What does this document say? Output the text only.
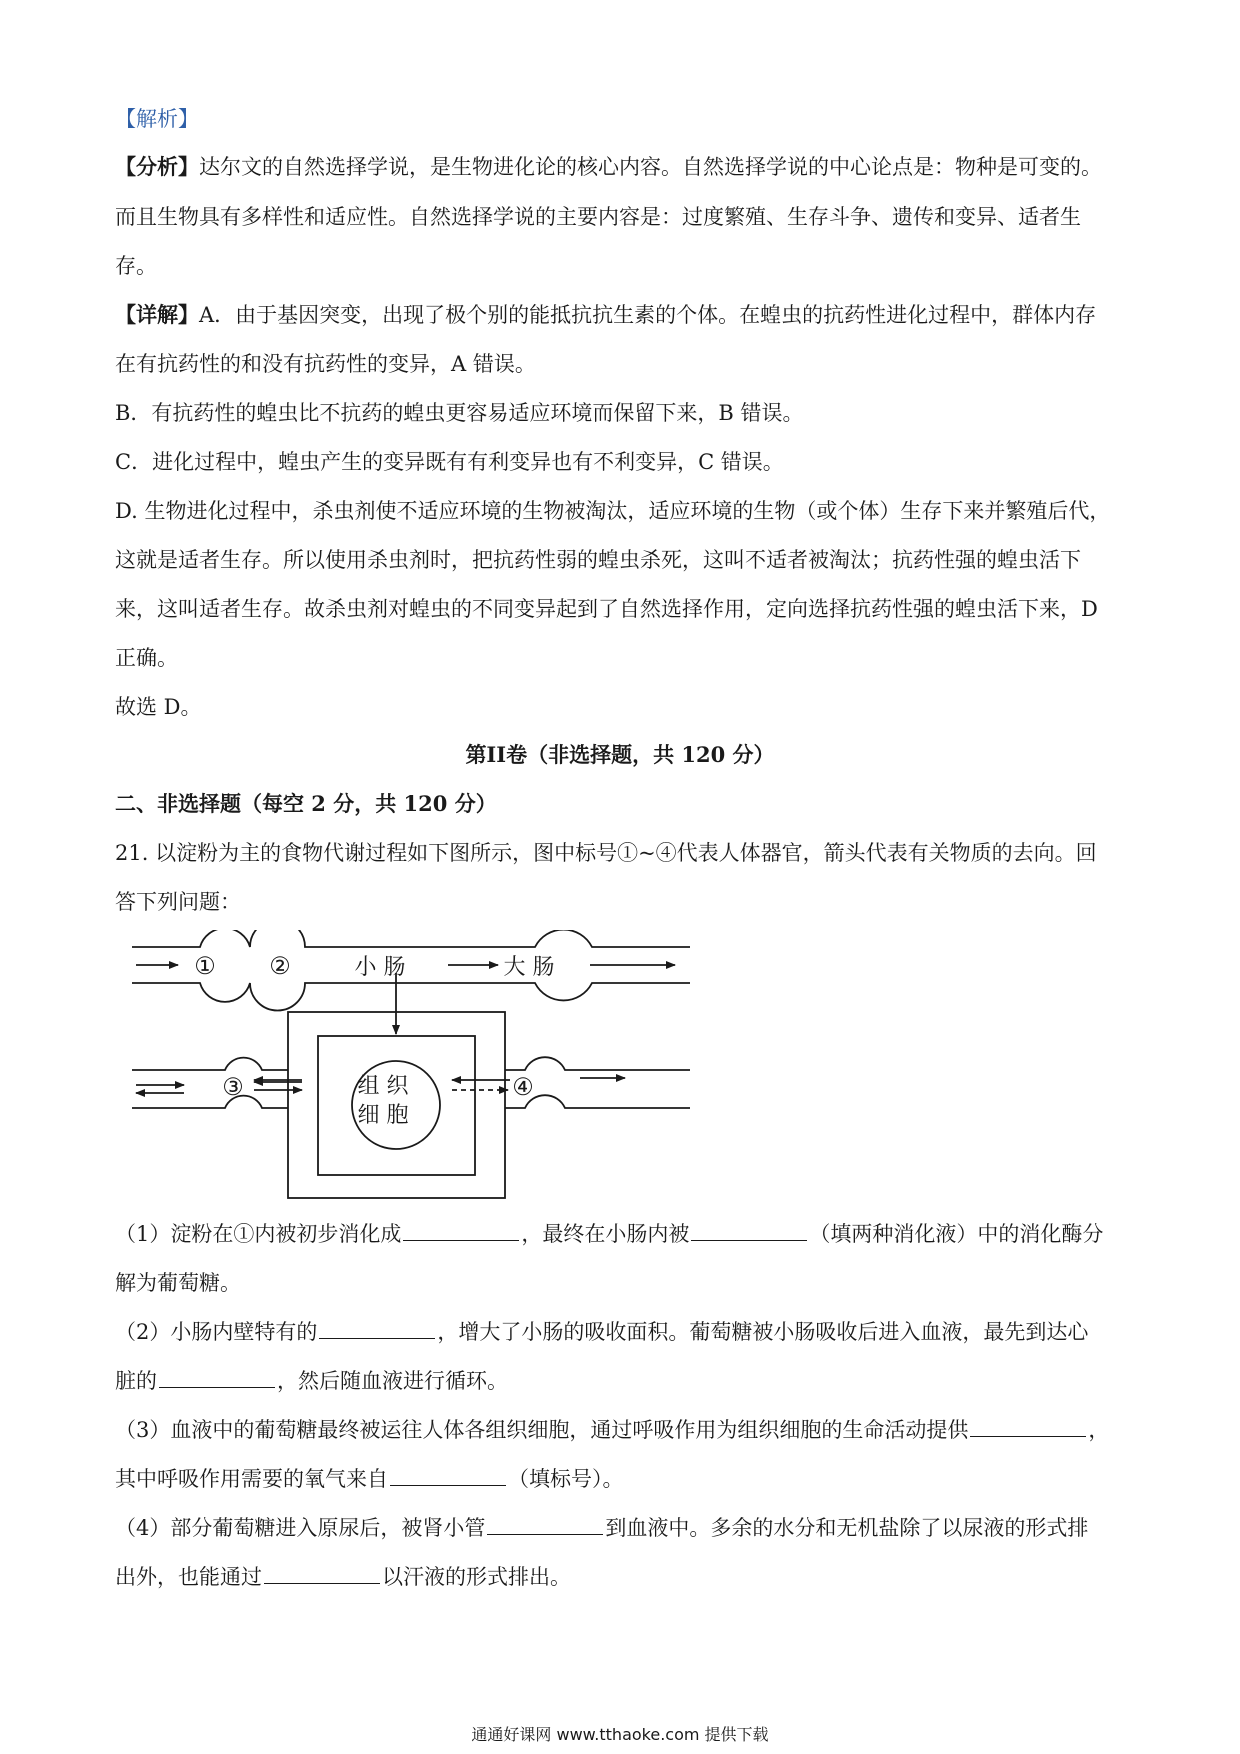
【解析】
【分析】达尔文的自然选择学说，是生物进化论的核心内容。自然选择学说的中心论点是：物种是可变的。
而且生物具有多样性和适应性。自然选择学说的主要内容是：过度繁殖、生存斗争、遗传和变异、适者生
存。
【详解】A．由于基因突变，出现了极个别的能抵抗抗生素的个体。在蝗虫的抗药性进化过程中，群体内存
在有抗药性的和没有抗药性的变异，A 错误。
B．有抗药性的蝗虫比不抗药的蝗虫更容易适应环境而保留下来，B 错误。
C．进化过程中，蝗虫产生的变异既有有利变异也有不利变异，C 错误。
D. 生物进化过程中，杀虫剂使不适应环境的生物被淘汰，适应环境的生物（或个体）生存下来并繁殖后代，
这就是适者生存。所以使用杀虫剂时，把抗药性弱的蝗虫杀死，这叫不适者被淘汰；抗药性强的蝗虫活下
来，这叫适者生存。故杀虫剂对蝗虫的不同变异起到了自然选择作用，定向选择抗药性强的蝗虫活下来，D
正确。
故选 D。
第II卷（非选择题，共 120 分）
二、非选择题（每空 2 分，共 120 分）
21. 以淀粉为主的食物代谢过程如下图所示，图中标号①~④代表人体器官，箭头代表有关物质的去向。回
答下列问题：
① ②
③	④
小 肠	大 肠
组 织
细 胞
（1）淀粉在①内被初步消化成	，最终在小肠内被	（填两种消化液）中的消化酶分
解为葡萄糖。
（2）小肠内壁特有的	，增大了小肠的吸收面积。葡萄糖被小肠吸收后进入血液，最先到达心
脏的	，然后随血液进行循环。
（3）血液中的葡萄糖最终被运往人体各组织细胞，通过呼吸作用为组织细胞的生命活动提供	，
其中呼吸作用需要的氧气来自	（填标号）。
（4）部分葡萄糖进入原尿后，被肾小管	到血液中。多余的水分和无机盐除了以尿液的形式排
出外，也能通过	以汗液的形式排出。
通通好课网 www.tthaoke.com 提供下载
